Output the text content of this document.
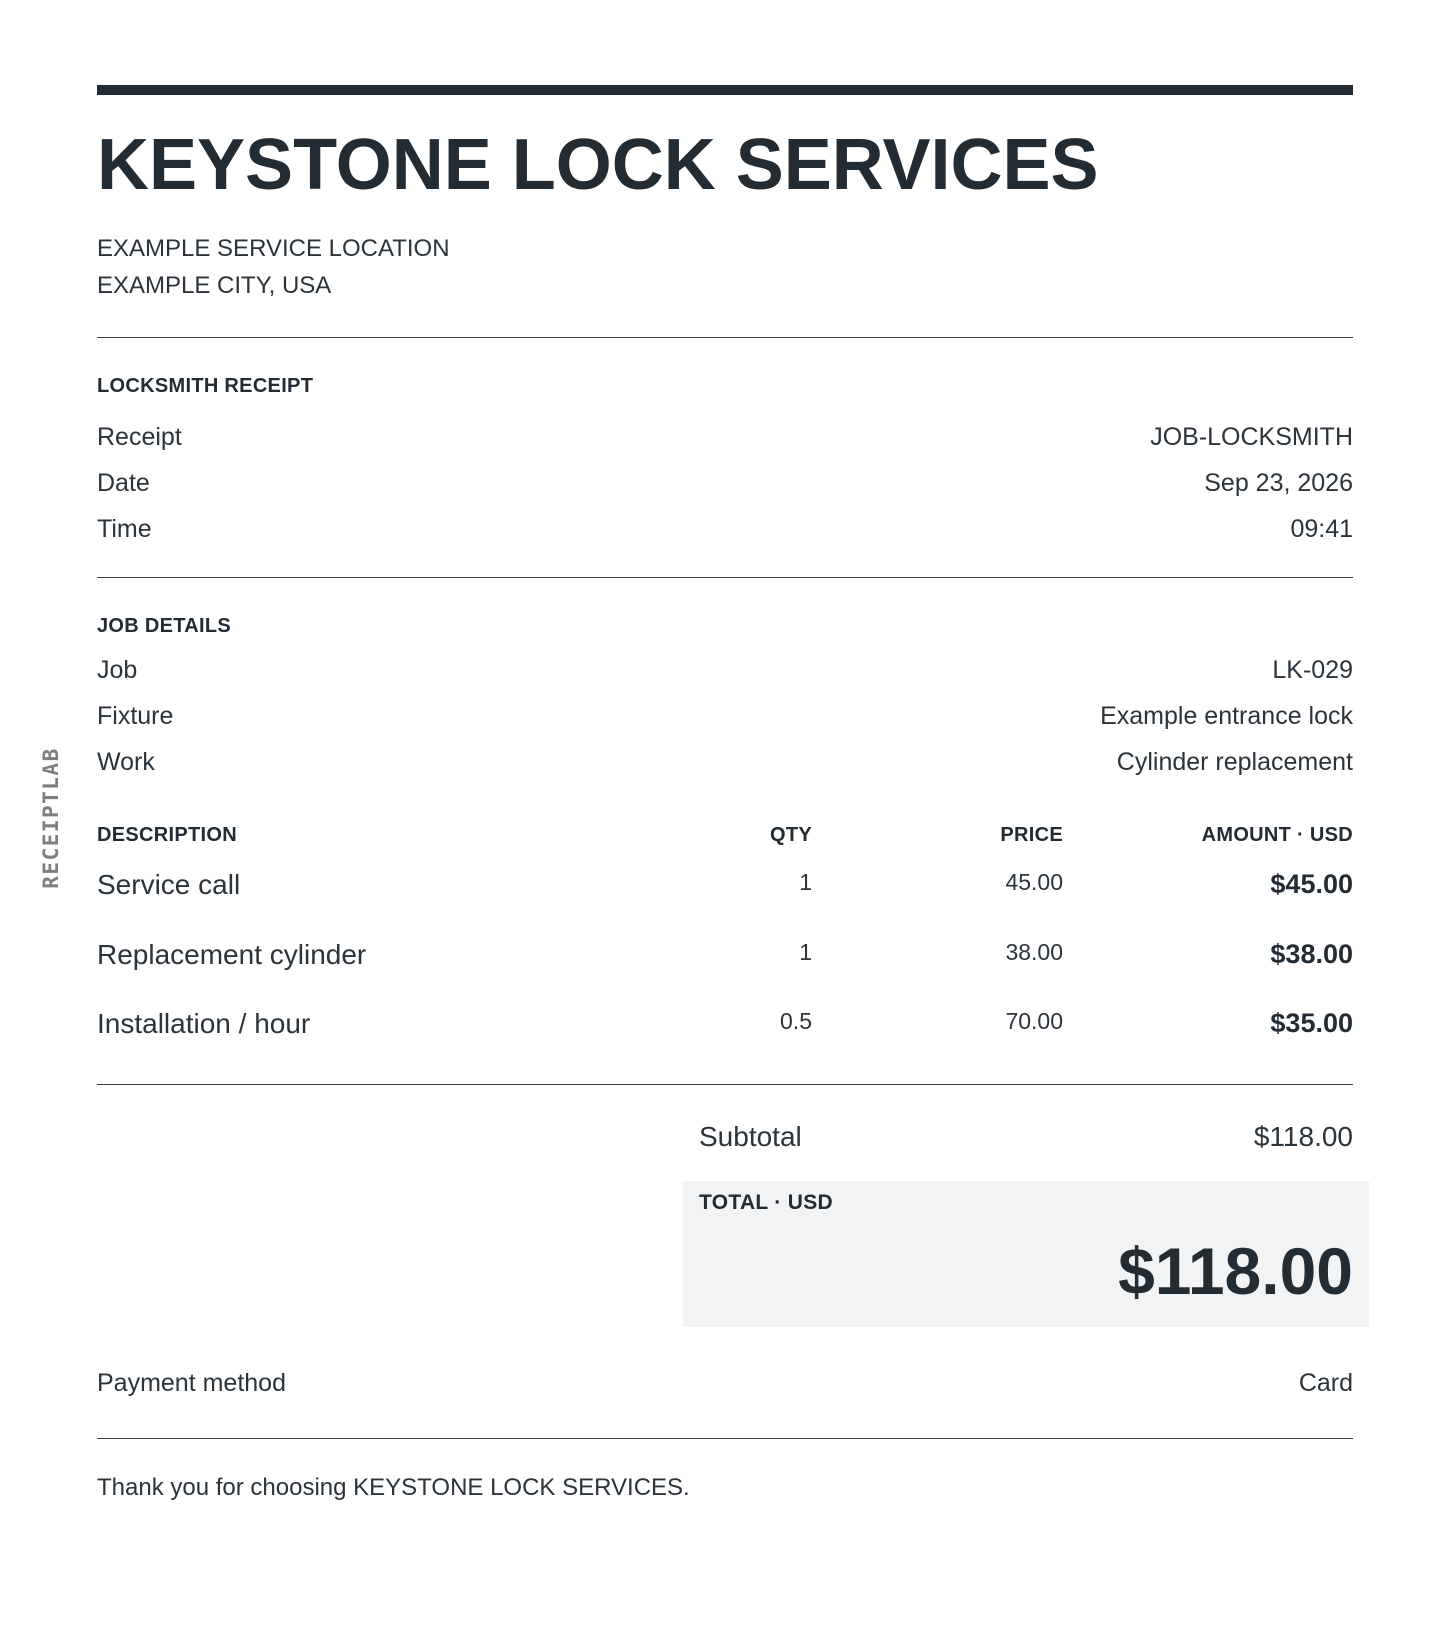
RECEIPTLAB
KEYSTONE LOCK SERVICES
EXAMPLE SERVICE LOCATION
EXAMPLE CITY, USA
LOCKSMITH RECEIPT
Receipt	JOB-LOCKSMITH
Date	Sep 23, 2026
Time	09:41
JOB DETAILS
Job	LK-029
Fixture	Example entrance lock
Work	Cylinder replacement
DESCRIPTION	QTY	PRICE	AMOUNT · USD
Service call	1	45.00	$45.00
Replacement cylinder	1	38.00	$38.00
Installation / hour	0.5	70.00	$35.00
Subtotal	$118.00
TOTAL · USD
$118.00
Payment method	Card
Thank you for choosing KEYSTONE LOCK SERVICES.
